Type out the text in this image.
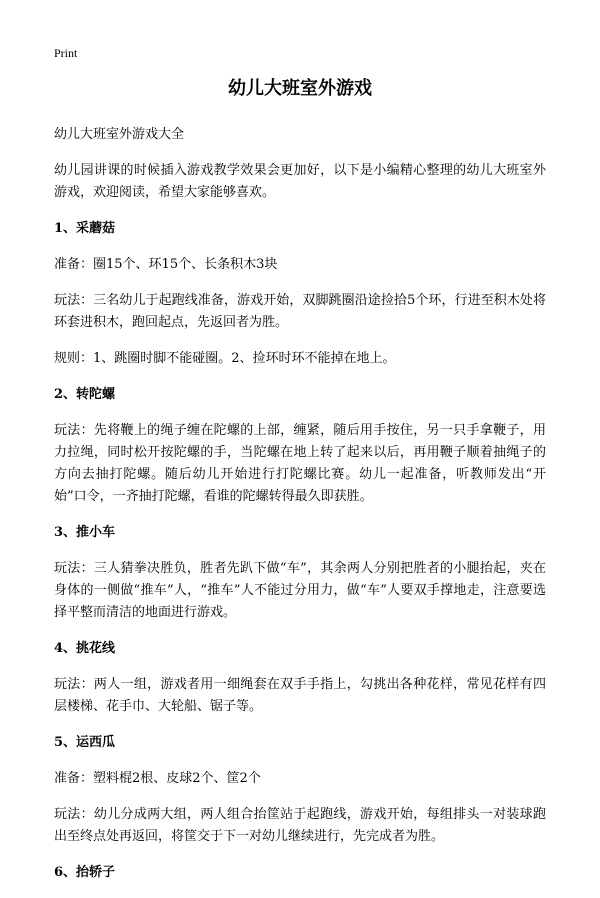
Print
幼儿大班室外游戏
幼儿大班室外游戏大全

幼儿园讲课的时候插入游戏教学效果会更加好，以下是小编精心整理的幼儿大班室外游戏，欢迎阅读，希望大家能够喜欢。

1、采蘑菇

准备：圈15个、环15个、长条积木3块

玩法：三名幼儿于起跑线准备，游戏开始，双脚跳圈沿途捡拾5个环，行进至积木处将环套进积木，跑回起点，先返回者为胜。

规则：1、跳圈时脚不能碰圈。2、捡环时环不能掉在地上。

2、转陀螺

玩法：先将鞭上的绳子缠在陀螺的上部，缠紧，随后用手按住，另一只手拿鞭子，用力拉绳，同时松开按陀螺的手，当陀螺在地上转了起来以后，再用鞭子顺着抽绳子的方向去抽打陀螺。随后幼儿开始进行打陀螺比赛。幼儿一起准备，听教师发出“开始”口令，一齐抽打陀螺，看谁的陀螺转得最久即获胜。

3、推小车

玩法：三人猜拳决胜负，胜者先趴下做“车”，其余两人分别把胜者的小腿抬起，夹在身体的一侧做“推车”人，“推车”人不能过分用力，做“车”人要双手撑地走，注意要选择平整而清洁的地面进行游戏。

4、挑花线

玩法：两人一组，游戏者用一细绳套在双手手指上，勾挑出各种花样，常见花样有四层楼梯、花手巾、大轮船、锯子等。

5、运西瓜

准备：塑料棍2根、皮球2个、筐2个

玩法：幼儿分成两大组，两人组合抬筐站于起跑线，游戏开始，每组排头一对装球跑出至终点处再返回，将筐交于下一对幼儿继续进行，先完成者为胜。

6、抬轿子
